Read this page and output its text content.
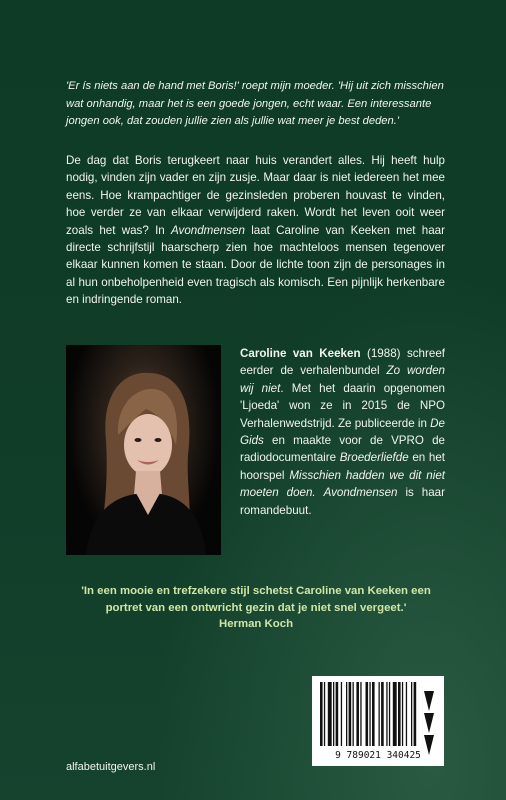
'Er ís niets aan de hand met Boris!' roept mijn moeder. 'Hij uit zich misschien wat onhandig, maar het is een goede jongen, echt waar. Een interessante jongen ook, dat zouden jullie zien als jullie wat meer je best deden.'

De dag dat Boris terugkeert naar huis verandert alles. Hij heeft hulp nodig, vinden zijn vader en zijn zusje. Maar daar is niet iedereen het mee eens. Hoe krampachtiger de gezinsleden proberen houvast te vinden, hoe verder ze van elkaar verwijderd raken. Wordt het leven ooit weer zoals het was? In Avondmensen laat Caroline van Keeken met haar directe schrijfstijl haarscherp zien hoe machteloos mensen tegenover elkaar kunnen komen te staan. Door de lichte toon zijn de personages in al hun onbeholpenheid even tragisch als komisch. Een pijnlijk herkenbare en indringende roman.

Caroline van Keeken (1988) schreef eerder de verhalenbundel Zo worden wij niet. Met het daarin opgenomen 'Ljoeda' won ze in 2015 de NPO Verhalenwedstrijd. Ze publiceerde in De Gids en maakte voor de VPRO de radiodocumentaire Broederliefde en het hoorspel Misschien hadden we dit niet moeten doen. Avondmensen is haar romandebuut.

'In een mooie en trefzekere stijl schetst Caroline van Keeken een portret van een ontwricht gezin dat je niet snel vergeet.'

Herman Koch
9 789021 340425
alfabetuitgevers.nl
